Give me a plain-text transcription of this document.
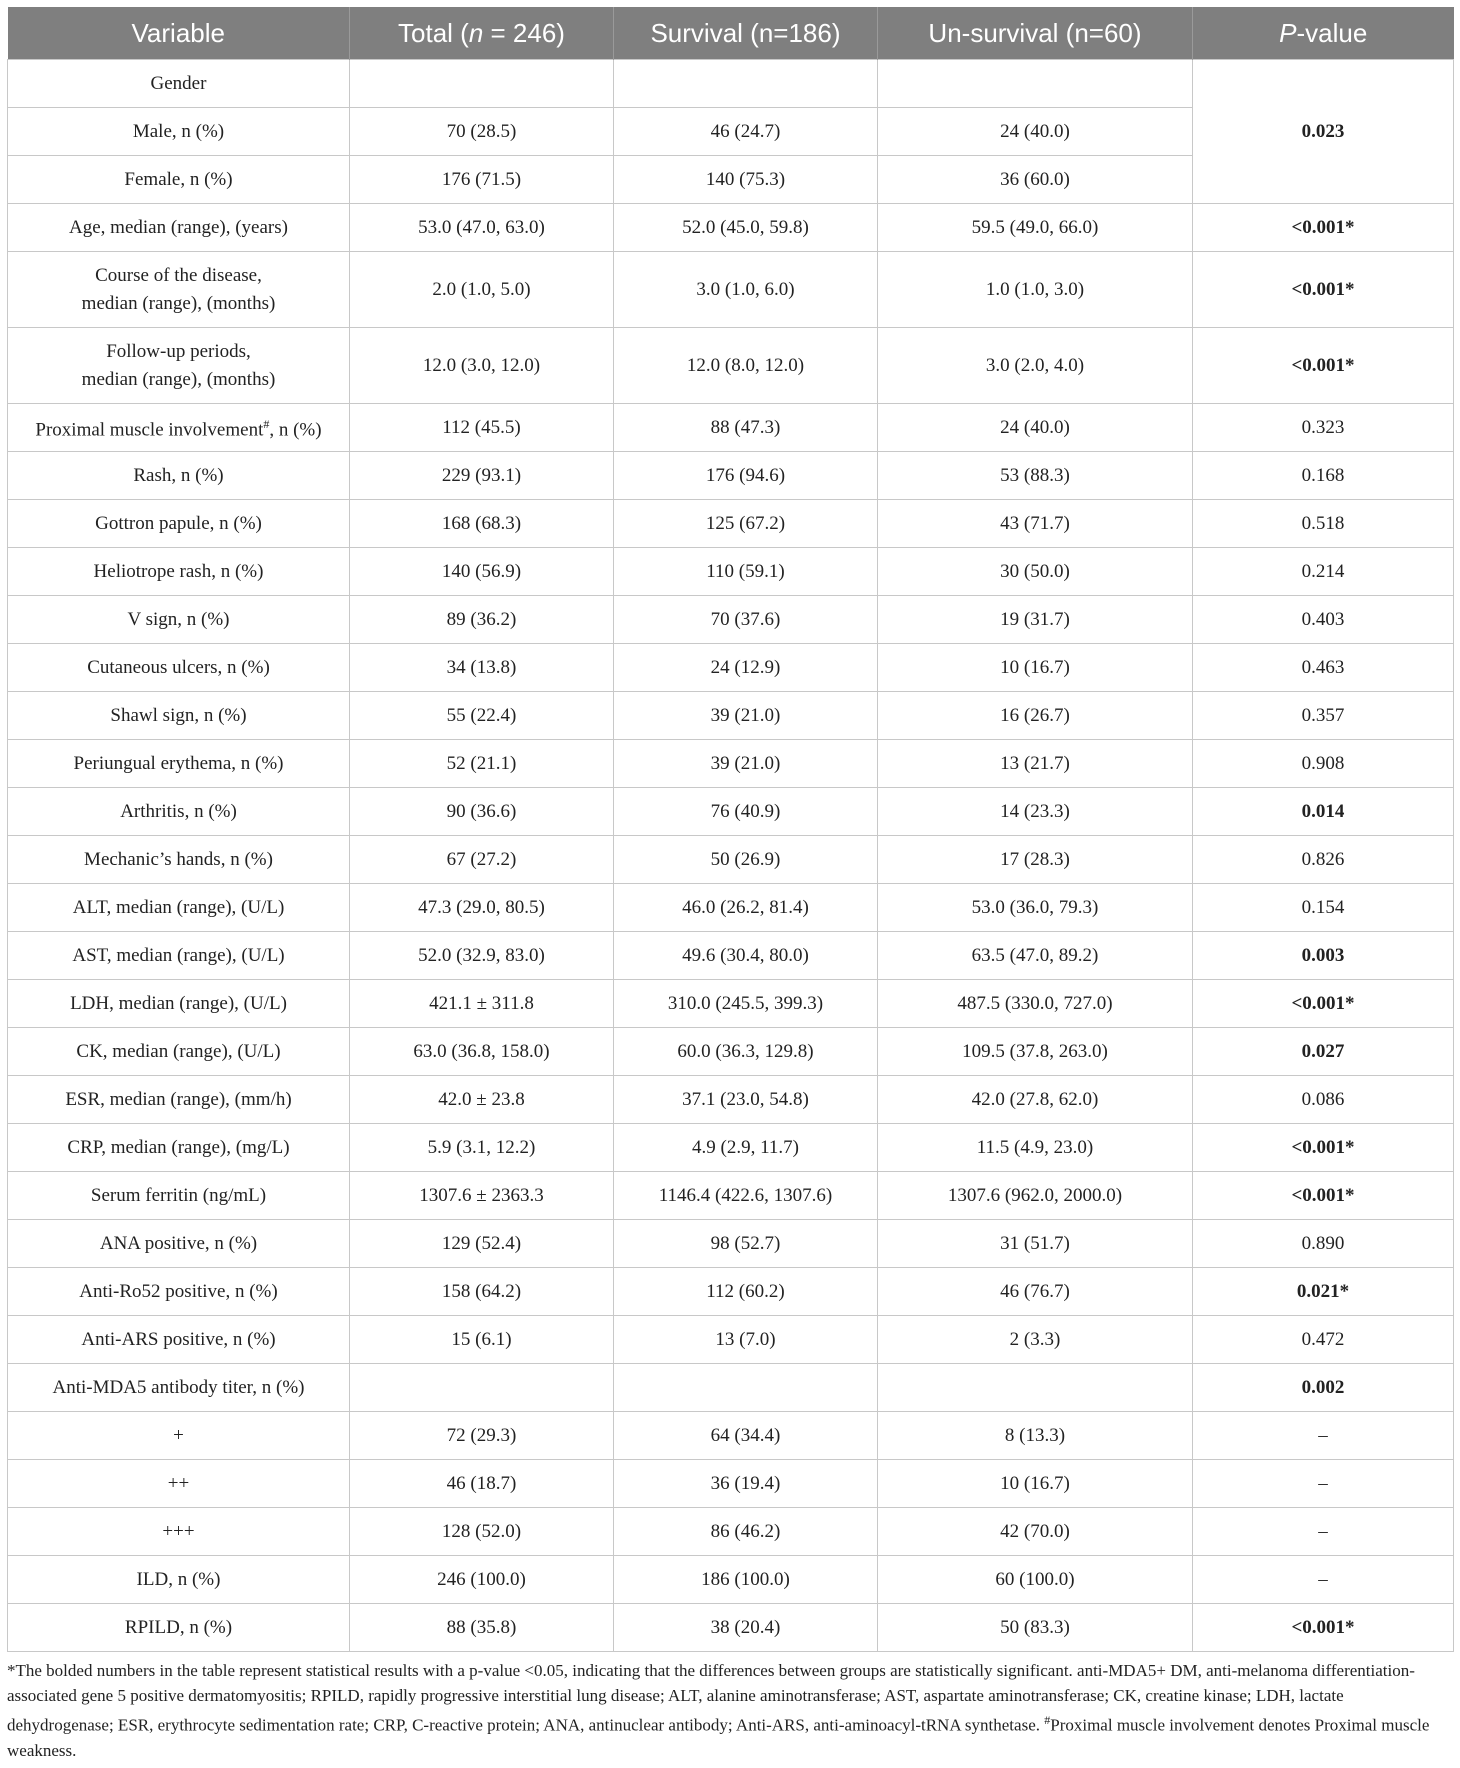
Variable	Total (n = 246)	Survival (n=186)	Un-survival (n=60)	P-value
Gender				0.023
Male, n (%)	70 (28.5)	46 (24.7)	24 (40.0)	
Female, n (%)	176 (71.5)	140 (75.3)	36 (60.0)	
Age, median (range), (years)	53.0 (47.0, 63.0)	52.0 (45.0, 59.8)	59.5 (49.0, 66.0)	<0.001*
Course of the disease,
median (range), (months)	2.0 (1.0, 5.0)	3.0 (1.0, 6.0)	1.0 (1.0, 3.0)	<0.001*
Follow-up periods,
median (range), (months)	12.0 (3.0, 12.0)	12.0 (8.0, 12.0)	3.0 (2.0, 4.0)	<0.001*
Proximal muscle involvement#, n (%)	112 (45.5)	88 (47.3)	24 (40.0)	0.323
Rash, n (%)	229 (93.1)	176 (94.6)	53 (88.3)	0.168
Gottron papule, n (%)	168 (68.3)	125 (67.2)	43 (71.7)	0.518
Heliotrope rash, n (%)	140 (56.9)	110 (59.1)	30 (50.0)	0.214
V sign, n (%)	89 (36.2)	70 (37.6)	19 (31.7)	0.403
Cutaneous ulcers, n (%)	34 (13.8)	24 (12.9)	10 (16.7)	0.463
Shawl sign, n (%)	55 (22.4)	39 (21.0)	16 (26.7)	0.357
Periungual erythema, n (%)	52 (21.1)	39 (21.0)	13 (21.7)	0.908
Arthritis, n (%)	90 (36.6)	76 (40.9)	14 (23.3)	0.014
Mechanic’s hands, n (%)	67 (27.2)	50 (26.9)	17 (28.3)	0.826
ALT, median (range), (U/L)	47.3 (29.0, 80.5)	46.0 (26.2, 81.4)	53.0 (36.0, 79.3)	0.154
AST, median (range), (U/L)	52.0 (32.9, 83.0)	49.6 (30.4, 80.0)	63.5 (47.0, 89.2)	0.003
LDH, median (range), (U/L)	421.1 ± 311.8	310.0 (245.5, 399.3)	487.5 (330.0, 727.0)	<0.001*
CK, median (range), (U/L)	63.0 (36.8, 158.0)	60.0 (36.3, 129.8)	109.5 (37.8, 263.0)	0.027
ESR, median (range), (mm/h)	42.0 ± 23.8	37.1 (23.0, 54.8)	42.0 (27.8, 62.0)	0.086
CRP, median (range), (mg/L)	5.9 (3.1, 12.2)	4.9 (2.9, 11.7)	11.5 (4.9, 23.0)	<0.001*
Serum ferritin (ng/mL)	1307.6 ± 2363.3	1146.4 (422.6, 1307.6)	1307.6 (962.0, 2000.0)	<0.001*
ANA positive, n (%)	129 (52.4)	98 (52.7)	31 (51.7)	0.890
Anti-Ro52 positive, n (%)	158 (64.2)	112 (60.2)	46 (76.7)	0.021*
Anti-ARS positive, n (%)	15 (6.1)	13 (7.0)	2 (3.3)	0.472
Anti-MDA5 antibody titer, n (%)				0.002
+	72 (29.3)	64 (34.4)	8 (13.3)	–
++	46 (18.7)	36 (19.4)	10 (16.7)	–
+++	128 (52.0)	86 (46.2)	42 (70.0)	–
ILD, n (%)	246 (100.0)	186 (100.0)	60 (100.0)	–
RPILD, n (%)	88 (35.8)	38 (20.4)	50 (83.3)	<0.001*
*The bolded numbers in the table represent statistical results with a p-value <0.05, indicating that the differences between groups are statistically significant. anti-MDA5+ DM, anti-melanoma differentiation-associated gene 5 positive dermatomyositis; RPILD, rapidly progressive interstitial lung disease; ALT, alanine aminotransferase; AST, aspartate aminotransferase; CK, creatine kinase; LDH, lactate dehydrogenase; ESR, erythrocyte sedimentation rate; CRP, C-reactive protein; ANA, antinuclear antibody; Anti-ARS, anti-aminoacyl-tRNA synthetase. #Proximal muscle involvement denotes Proximal muscle weakness.
